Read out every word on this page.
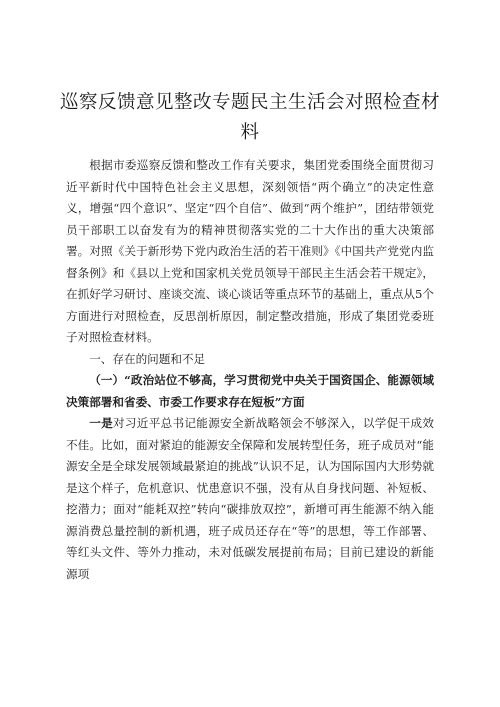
巡察反馈意见整改专题民主生活会对照检查材
料

根据市委巡察反馈和整改工作有关要求，集团党委围绕全面贯彻习近平新时代中国特色社会主义思想，深刻领悟“两个确立”的决定性意义，增强“四个意识”、坚定“四个自信”、做到“两个维护”，团结带领党员干部职工以奋发有为的精神贯彻落实党的二十大作出的重大决策部署。对照《关于新形势下党内政治生活的若干准则》《中国共产党党内监督条例》和《县以上党和国家机关党员领导干部民主生活会若干规定》，在抓好学习研讨、座谈交流、谈心谈话等重点环节的基础上，重点从5个方面进行对照检查，反思剖析原因，制定整改措施，形成了集团党委班子对照检查材料。

一、存在的问题和不足

（一）“政治站位不够高，学习贯彻党中央关于国资国企、能源领域决策部署和省委、市委工作要求存在短板”方面

一是对习近平总书记能源安全新战略领会不够深入，以学促干成效不佳。比如，面对紧迫的能源安全保障和发展转型任务，班子成员对“能源安全是全球发展领域最紧迫的挑战”认识不足，认为国际国内大形势就是这个样子，危机意识、忧患意识不强，没有从自身找问题、补短板、挖潜力；面对“能耗双控”转向“碳排放双控”，新增可再生能源不纳入能源消费总量控制的新机遇，班子成员还存在“等”的思想，等工作部署、等红头文件、等外力推动，未对低碳发展提前布局；目前已建设的新能源项
